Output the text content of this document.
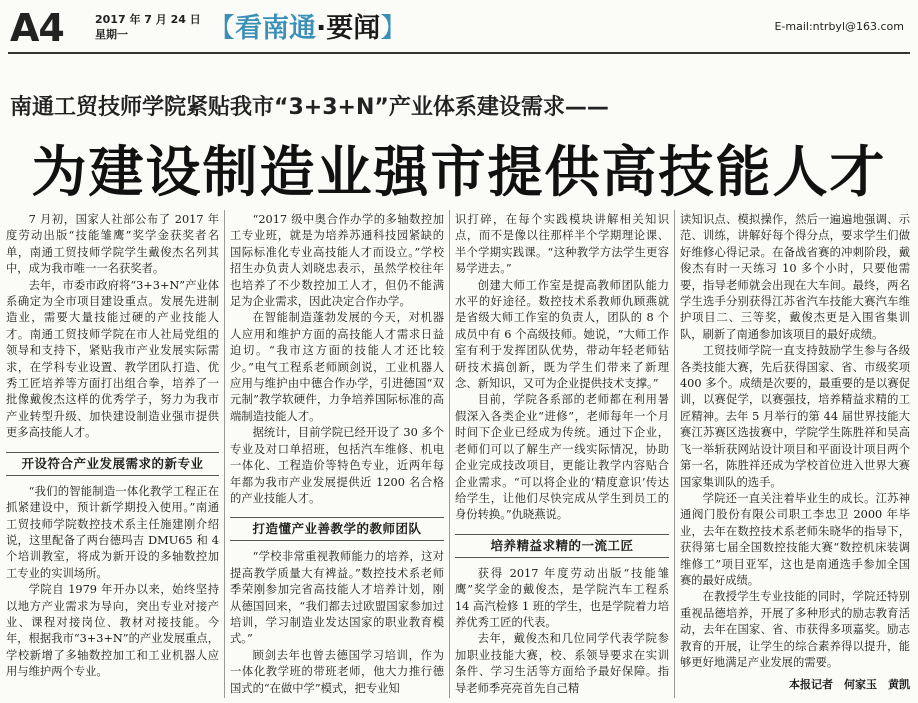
A4	2017 年 7 月 24 日
星期一	【看南通·要闻】	E-mail:ntrbyl@163.com
南通工贸技师学院紧贴我市“3+3+N”产业体系建设需求——
为建设制造业强市提供高技能人才

7 月初，国家人社部公布了 2017 年度劳动出版“技能雏鹰”奖学金获奖者名单，南通工贸技师学院学生戴俊杰名列其中，成为我市唯一一名获奖者。

去年，市委市政府将“3+3+N”产业体系确定为全市项目建设重点。发展先进制造业，需要大量技能过硬的产业技能人才。南通工贸技师学院在市人社局党组的领导和支持下，紧贴我市产业发展实际需求，在学科专业设置、教学团队打造、优秀工匠培养等方面打出组合拳，培养了一批像戴俊杰这样的优秀学子，努力为我市产业转型升级、加快建设制造业强市提供更多高技能人才。

开设符合产业发展需求的新专业

“我们的智能制造一体化教学工程正在抓紧建设中，预计新学期投入使用。”南通工贸技师学院数控技术系主任施建刚介绍说，这里配备了两台德玛吉 DMU65 和 4 个培训教室，将成为新开设的多轴数控加工专业的实训场所。

学院自 1979 年开办以来，始终坚持以地方产业需求为导向，突出专业对接产业、课程对接岗位、教材对接技能。今年，根据我市“3+3+N”的产业发展重点，学校新增了多轴数控加工和工业机器人应用与维护两个专业。

“2017 级中奥合作办学的多轴数控加工专业班，就是为培养苏通科技园紧缺的国际标准化专业高技能人才而设立。”学校招生办负责人刘晓忠表示，虽然学校往年也培养了不少数控加工人才，但仍不能满足为企业需求，因此决定合作办学。

在智能制造蓬勃发展的今天，对机器人应用和维护方面的高技能人才需求日益迫切。“我市这方面的技能人才还比较少。”电气工程系老师顾剑说，工业机器人应用与维护由中德合作办学，引进德国“双元制”教学软硬件，力争培养国际标准的高端制造技能人才。

据统计，目前学院已经开设了 30 多个专业及对口单招班，包括汽车维修、机电一体化、工程造价等特色专业，近两年每年都为我市产业发展提供近 1200 名合格的产业技能人才。

打造懂产业善教学的教师团队

“学校非常重视教师能力的培养，这对提高教学质量大有裨益。”数控技术系老师季荣刚参加完省高技能人才培养计划，刚从德国回来，“我们都去过欧盟国家参加过培训，学习制造业发达国家的职业教育模式。”

顾剑去年也曾去德国学习培训，作为一体化教学班的带班老师，他大力推行德国式的“在做中学”模式，把专业知

识打碎，在每个实践模块讲解相关知识点，而不是像以往那样半个学期理论课、半个学期实践课。“这种教学方法学生更容易学进去。”

创建大师工作室是提高教师团队能力水平的好途径。数控技术系教师仇顾燕就是省级大师工作室的负责人，团队的 8 个成员中有 6 个高级技师。她说，“大师工作室有利于发挥团队优势，带动年轻老师钻研技术搞创新，既为学生们带来了新理念、新知识，又可为企业提供技术支撑。”

目前，学院各系部的老师都在利用暑假深入各类企业“进修”，老师每年一个月时间下企业已经成为传统。通过下企业，老师们可以了解生产一线实际情况，协助企业完成技改项目，更能让教学内容贴合企业需求。“可以将企业的‘精度意识’传达给学生，让他们尽快完成从学生到员工的身份转换。”仇晓燕说。

培养精益求精的一流工匠

获得 2017 年度劳动出版“技能雏鹰”奖学金的戴俊杰，是学院汽车工程系 14 高汽检修 1 班的学生，也是学院着力培养优秀工匠的代表。

去年，戴俊杰和几位同学代表学院参加职业技能大赛，校、系领导要求在实训条件、学习生活等方面给予最好保障。指导老师季亮亮首先自己精

读知识点、模拟操作，然后一遍遍地强调、示范、训练，讲解好每个得分点，要求学生们做好维修心得记录。在备战省赛的冲刺阶段，戴俊杰有时一天练习 10 多个小时，只要他需要，指导老师就会出现在大车间。最终，两名学生选手分别获得江苏省汽车技能大赛汽车维护项目二、三等奖，戴俊杰更是入围省集训队，刷新了南通参加该项目的最好成绩。

工贸技师学院一直支持鼓励学生参与各级各类技能大赛，先后获得国家、省、市级奖项 400 多个。成绩是次要的，最重要的是以赛促训，以赛促学，以赛强技，培养精益求精的工匠精神。去年 5 月举行的第 44 届世界技能大赛江苏赛区选拔赛中，学院学生陈胜祥和吴高飞一举斩获网站设计项目和平面设计项目两个第一名，陈胜祥还成为学校首位进入世界大赛国家集训队的选手。

学院还一直关注着毕业生的成长。江苏神通阀门股份有限公司职工李忠卫 2000 年毕业，去年在数控技术系老师朱晓华的指导下，获得第七届全国数控技能大赛“数控机床装调维修工”项目亚军，这也是南通选手参加全国赛的最好成绩。

在教授学生专业技能的同时，学院还特别重视品德培养，开展了多种形式的励志教育活动，去年在国家、省、市获得多项嘉奖。励志教育的开展，让学生的综合素养得以提升，能够更好地满足产业发展的需要。

本报记者　何家玉　黄凯
